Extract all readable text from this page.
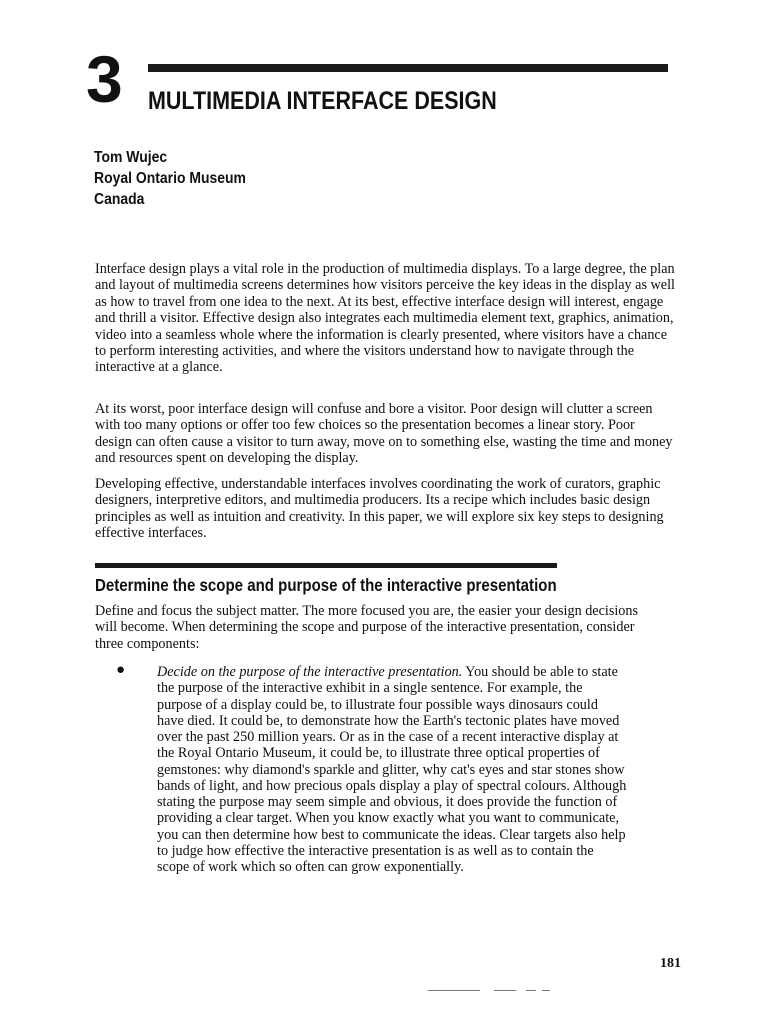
3 MULTIMEDIA INTERFACE DESIGN
Tom Wujec
Royal Ontario Museum
Canada

Interface design plays a vital role in the production of multimedia displays. To a large degree, the plan and layout of multimedia screens determines how visitors perceive the key ideas in the display as well as how to travel from one idea to the next. At its best, effective interface design will interest, engage and thrill a visitor. Effective design also integrates each multimedia element text, graphics, animation, video into a seamless whole where the information is clearly presented, where visitors have a chance to perform interesting activities, and where the visitors understand how to navigate through the interactive at a glance.

At its worst, poor interface design will confuse and bore a visitor. Poor design will clutter a screen with too many options or offer too few choices so the presentation becomes a linear story. Poor design can often cause a visitor to turn away, move on to something else, wasting the time and money and resources spent on developing the display.

Developing effective, understandable interfaces involves coordinating the work of curators, graphic designers, interpretive editors, and multimedia producers. Its a recipe which includes basic design principles as well as intuition and creativity. In this paper, we will explore six key steps to designing effective interfaces.

Determine the scope and purpose of the interactive presentation

Define and focus the subject matter. The more focused you are, the easier your design decisions will become. When determining the scope and purpose of the interactive presentation, consider three components:

● Decide on the purpose of the interactive presentation. You should be able to state the purpose of the interactive exhibit in a single sentence. For example, the purpose of a display could be, to illustrate four possible ways dinosaurs could have died. It could be, to demonstrate how the Earth's tectonic plates have moved over the past 250 million years. Or as in the case of a recent interactive display at the Royal Ontario Museum, it could be, to illustrate three optical properties of gemstones: why diamond's sparkle and glitter, why cat's eyes and star stones show bands of light, and how precious opals display a play of spectral colours. Although stating the purpose may seem simple and obvious, it does provide the function of providing a clear target. When you know exactly what you want to communicate, you can then determine how best to communicate the ideas. Clear targets also help to judge how effective the interactive presentation is as well as to contain the scope of work which so often can grow exponentially.

181
